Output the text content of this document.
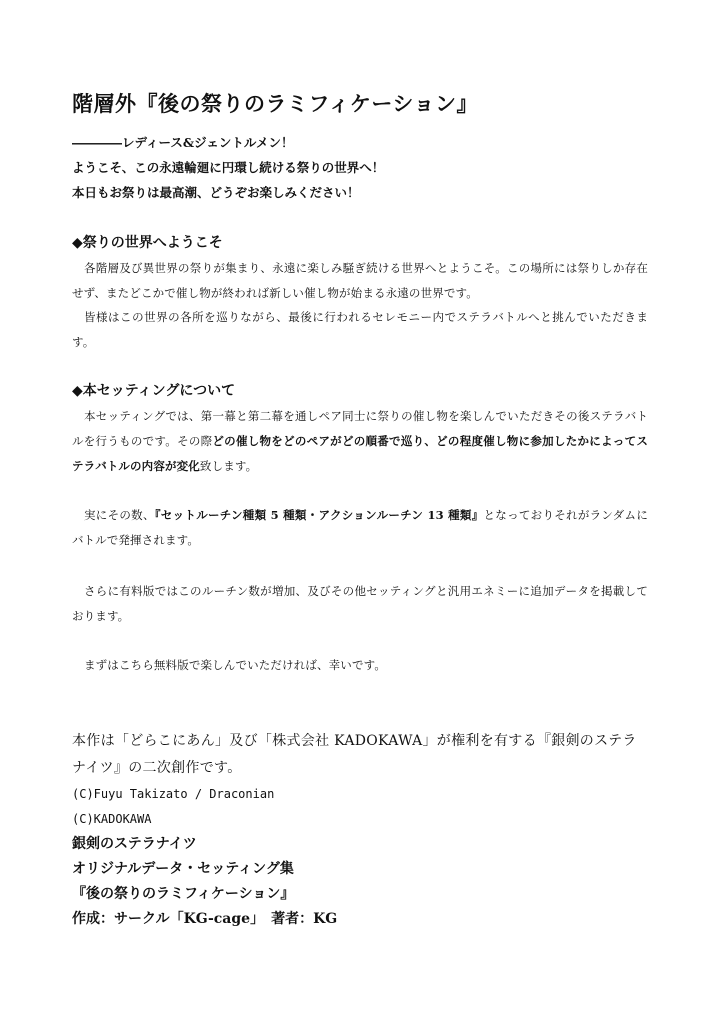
階層外『後の祭りのラミフィケーション』
――――レディース&ジェントルメン！
ようこそ、この永遠輪廻に円環し続ける祭りの世界へ！
本日もお祭りは最高潮、どうぞお楽しみください！
◆祭りの世界へようこそ
各階層及び異世界の祭りが集まり、永遠に楽しみ騒ぎ続ける世界へとようこそ。この場所には祭りしか存在せず、またどこかで催し物が終われば新しい催し物が始まる永遠の世界です。
皆様はこの世界の各所を巡りながら、最後に行われるセレモニー内でステラバトルへと挑んでいただきます。
◆本セッティングについて
本セッティングでは、第一幕と第二幕を通しペア同士に祭りの催し物を楽しんでいただきその後ステラバトルを行うものです。その際どの催し物をどのペアがどの順番で巡り、どの程度催し物に参加したかによってステラバトルの内容が変化致します。
実にその数、『セットルーチン種類 5 種類・アクションルーチン 13 種類』となっておりそれがランダムにバトルで発揮されます。
さらに有料版ではこのルーチン数が増加、及びその他セッティングと汎用エネミーに追加データを掲載しております。
まずはこちら無料版で楽しんでいただければ、幸いです。
本作は「どらこにあん」及び「株式会社 KADOKAWA」が権利を有する『銀剣のステラナイツ』の二次創作です。
(C)Fuyu Takizato / Draconian
(C)KADOKAWA
銀剣のステラナイツ
オリジナルデータ・セッティング集
『後の祭りのラミフィケーション』
作成：サークル「KG-cage」　著者：KG
